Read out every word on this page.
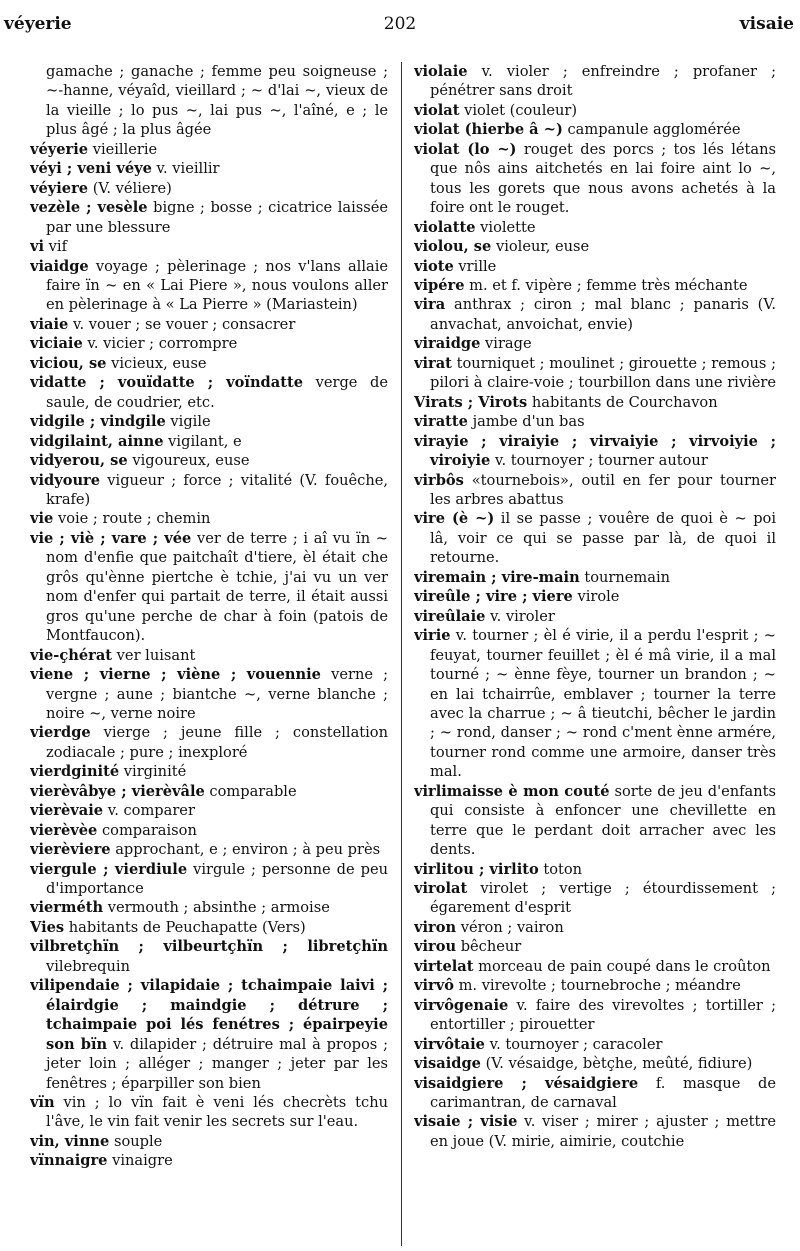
véyerie	202	visaie

gamache ; ganache ; femme peu soigneuse ; ~-hanne, véyaîd, vieillard ; ~ d'lai ~, vieux de la vieille ; lo pus ~, lai pus ~, l'aîné, e ; le plus âgé ; la plus âgée

véyerie vieillerie

véyi ; veni véye v. vieillir

véyiere (V. véliere)

vezèle ; vesèle bigne ; bosse ; cicatrice laissée par une blessure

vi vif

viaidge voyage ; pèlerinage ; nos v'lans allaie faire ïn ~ en « Lai Piere », nous voulons aller en pèlerinage à « La Pierre » (Mariastein)

viaie v. vouer ; se vouer ; consacrer

viciaie v. vicier ; corrompre

viciou, se vicieux, euse

vidatte ; vouïdatte ; voïndatte verge de saule, de coudrier, etc.

vidgile ; vindgile vigile

vidgilaint, ainne vigilant, e

vidyerou, se vigoureux, euse

vidyoure vigueur ; force ; vitalité (V. fouêche, krafe)

vie voie ; route ; chemin

vie ; viè ; vare ; vée ver de terre ; i aî vu ïn ~ nom d'enfie que paitchaît d'tiere, èl était che grôs qu'ènne piertche è tchie, j'ai vu un ver nom d'enfer qui partait de terre, il était aussi gros qu'une perche de char à foin (patois de Montfaucon).

vie-çhérat ver luisant

viene ; vierne ; viène ; vouennie verne ; vergne ; aune ; biantche ~, verne blanche ; noire ~, verne noire

vierdge vierge ; jeune fille ; constellation zodiacale ; pure ; inexploré

vierdginité virginité

vierèvâbye ; vierèvâle comparable

vierèvaie v. comparer

vierèvèe comparaison

vierèviere approchant, e ; environ ; à peu près

viergule ; vierdiule virgule ; personne de peu d'importance

vierméth vermouth ; absinthe ; armoise

Vies habitants de Peuchapatte (Vers)

vilbretçhïn ; vilbeurtçhïn ; libretçhïn vilebrequin

vilipendaie ; vilapidaie ; tchaimpaie laivi ; élairdgie ; maindgie ; détrure ; tchaimpaie poi lés fenétres ; épairpeyie son bïn v. dilapider ; détruire mal à propos ; jeter loin ; alléger ; manger ; jeter par les fenêtres ; éparpiller son bien

vïn vin ; lo vïn fait è veni lés checrèts tchu l'âve, le vin fait venir les secrets sur l'eau.

vin, vinne souple

vïnnaigre vinaigre

violaie v. violer ; enfreindre ; profaner ; pénétrer sans droit

violat violet (couleur)

violat (hierbe â ~) campanule agglomérée

violat (lo ~) rouget des porcs ; tos lés létans que nôs ains aitchetés en lai foire aint lo ~, tous les gorets que nous avons achetés à la foire ont le rouget.

violatte violette

violou, se violeur, euse

viote vrille

vipére m. et f. vipère ; femme très méchante

vira anthrax ; ciron ; mal blanc ; panaris (V. anvachat, anvoichat, envie)

viraidge virage

virat tourniquet ; moulinet ; girouette ; remous ; pilori à claire-voie ; tourbillon dans une rivière

Virats ; Virots habitants de Courchavon

viratte jambe d'un bas

virayie ; viraiyie ; virvaiyie ; virvoiyie ; viroiyie v. tournoyer ; tourner autour

virbôs «tournebois», outil en fer pour tourner les arbres abattus

vire (è ~) il se passe ; vouêre de quoi è ~ poi lâ, voir ce qui se passe par là, de quoi il retourne.

viremain ; vire-main tournemain

vireûle ; vire ; viere virole

vireûlaie v. viroler

virie v. tourner ; èl é virie, il a perdu l'esprit ; ~ feuyat, tourner feuillet ; èl é mâ virie, il a mal tourné ; ~ ènne fèye, tourner un brandon ; ~ en lai tchairrûe, emblaver ; tourner la terre avec la charrue ; ~ â tieutchi, bêcher le jardin ; ~ rond, danser ; ~ rond c'ment ènne armére, tourner rond comme une armoire, danser très mal.

virlimaisse è mon couté sorte de jeu d'enfants qui consiste à enfoncer une chevillette en terre que le perdant doit arracher avec les dents.

virlitou ; virlito toton

virolat virolet ; vertige ; étourdissement ; égarement d'esprit

viron véron ; vairon

virou bêcheur

virtelat morceau de pain coupé dans le croûton

virvô m. virevolte ; tournebroche ; méandre

virvôgenaie v. faire des virevoltes ; tortiller ; entortiller ; pirouetter

virvôtaie v. tournoyer ; caracoler

visaidge (V. vésaidge, bètçhe, meûté, fidiure)

visaidgiere ; vésaidgiere f. masque de carimantran, de carnaval

visaie ; visie v. viser ; mirer ; ajuster ; mettre en joue (V. mirie, aimirie, coutchie
